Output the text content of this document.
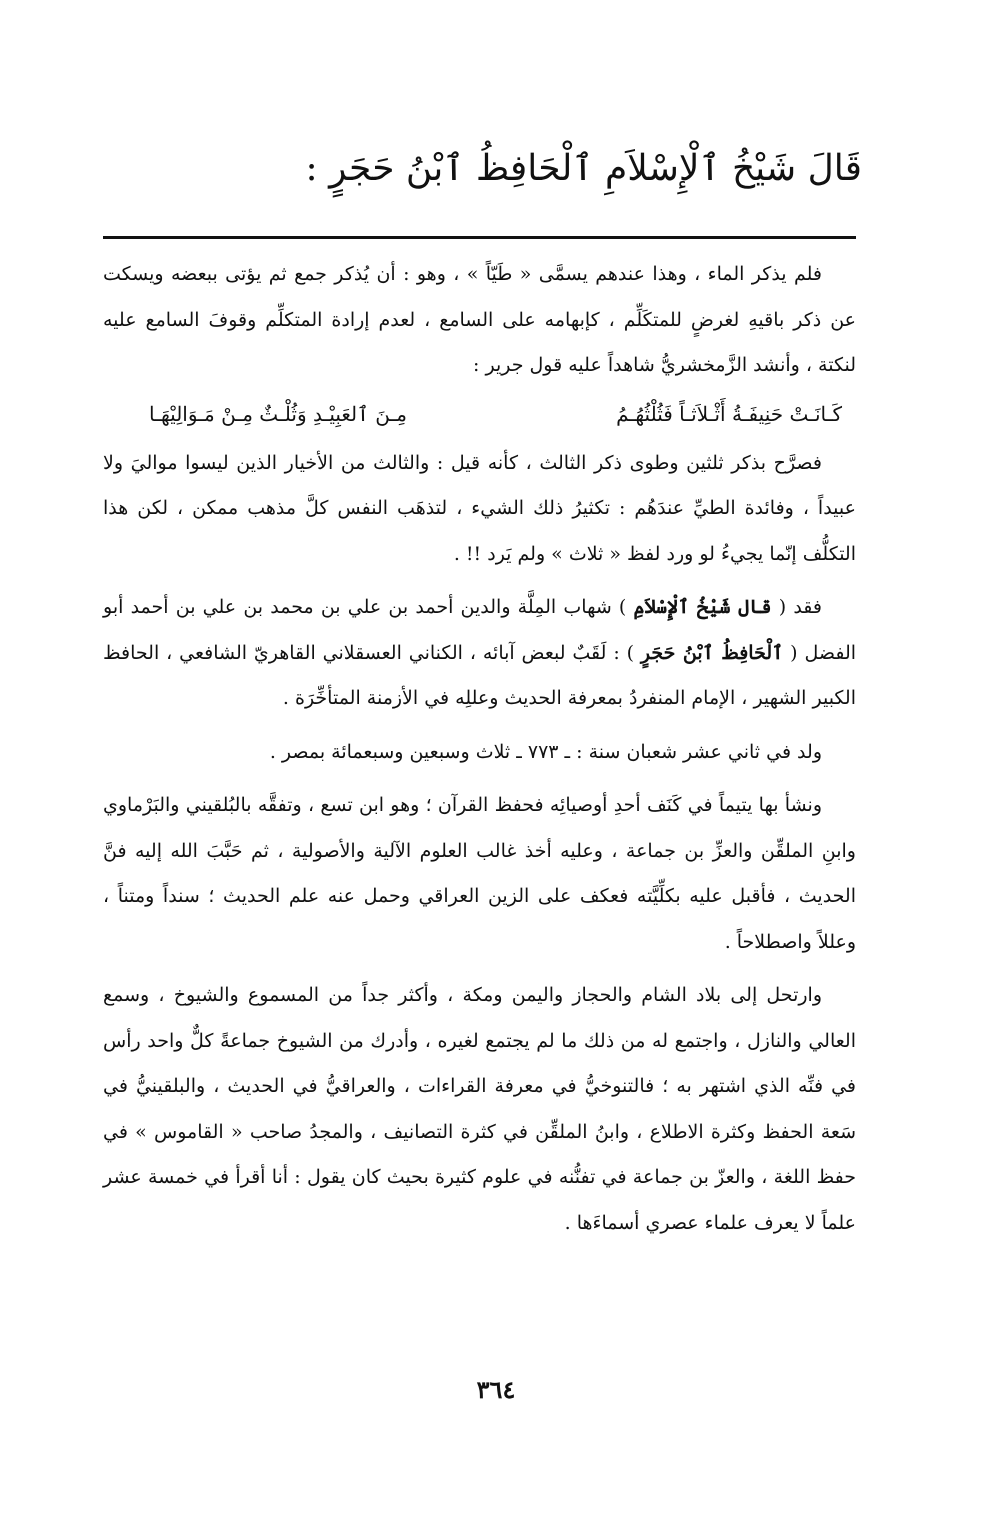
قَالَ شَيْخُ ٱلْإِسْلاَمِ ٱلْحَافِظُ ٱبْنُ حَجَرٍ :

فلم يذكر الماء ، وهذا عندهم يسمَّى « طَيّاً » ، وهو : أن يُذكر جمع ثم يؤتى ببعضه ويسكت عن ذكر باقيهِ لغرضٍ للمتكَلِّم ، كإبهامه على السامع ، لعدم إرادة المتكلِّم وقوفَ السامع عليه لنكتة ، وأنشد الزَّمخشريُّ شاهداً عليه قول جرير :

كَـانَـتْ حَنِيفَـةُ أَثْـلاَثـاً فَثُلْثُهُـمُ
مِـنَ ٱلعَبِيْـدِ وَثُلْـثٌ مِـنْ مَـوَالِيْهَـا

فصرَّح بذكر ثلثين وطوى ذكر الثالث ، كأنه قيل : والثالث من الأخيار الذين ليسوا مواليَ ولا عبيداً ، وفائدة الطيِّ عندَهُم : تكثيرُ ذلك الشيء ، لتذهَب النفس كلَّ مذهب ممكن ، لكن هذا التكلُّف إنّما يجيءُ لو ورد لفظ « ثلاث » ولم يَرد !! .

فقد ( قال شَيْخُ ٱلْإِسْلاَمِ ) شهاب المِلَّة والدين أحمد بن علي بن محمد بن علي بن أحمد أبو الفضل ( ٱلْحَافِظُ ٱبْنُ حَجَرٍ ) : لَقَبٌ لبعض آبائه ، الكناني العسقلاني القاهريّ الشافعي ، الحافظ الكبير الشهير ، الإمام المنفردُ بمعرفة الحديث وعللِه في الأزمنة المتأخِّرَة .

ولد في ثاني عشر شعبان سنة : ـ ٧٧٣ ـ ثلاث وسبعين وسبعمائة بمصر .

ونشأ بها يتيماً في كَنَف أحدِ أوصيائِه فحفظ القرآن ؛ وهو ابن تسع ، وتفقَّه بالبُلقيني والبَرْماوي وابنِ الملقِّن والعزِّ بن جماعة ، وعليه أخذ غالب العلوم الآلية والأصولية ، ثم حَبَّبَ الله إليه فنَّ الحديث ، فأقبل عليه بكلِّيَّته فعكف على الزين العراقي وحمل عنه علم الحديث ؛ سنداً ومتناً ، وعللاً واصطلاحاً .

وارتحل إلى بلاد الشام والحجاز واليمن ومكة ، وأكثر جداً من المسموع والشيوخ ، وسمع العالي والنازل ، واجتمع له من ذلك ما لم يجتمع لغيره ، وأدرك من الشيوخ جماعةً كلٌّ واحد رأس في فنِّه الذي اشتهر به ؛ فالتنوخيُّ في معرفة القراءات ، والعراقيُّ في الحديث ، والبلقينيُّ في سَعة الحفظ وكثرة الاطلاع ، وابنُ الملقِّن في كثرة التصانيف ، والمجدُ صاحب « القاموس » في حفظ اللغة ، والعزّ بن جماعة في تفنُّنه في علوم كثيرة بحيث كان يقول : أنا أقرأ في خمسة عشر علماً لا يعرف علماء عصري أسماءَها .

٣٦٤
